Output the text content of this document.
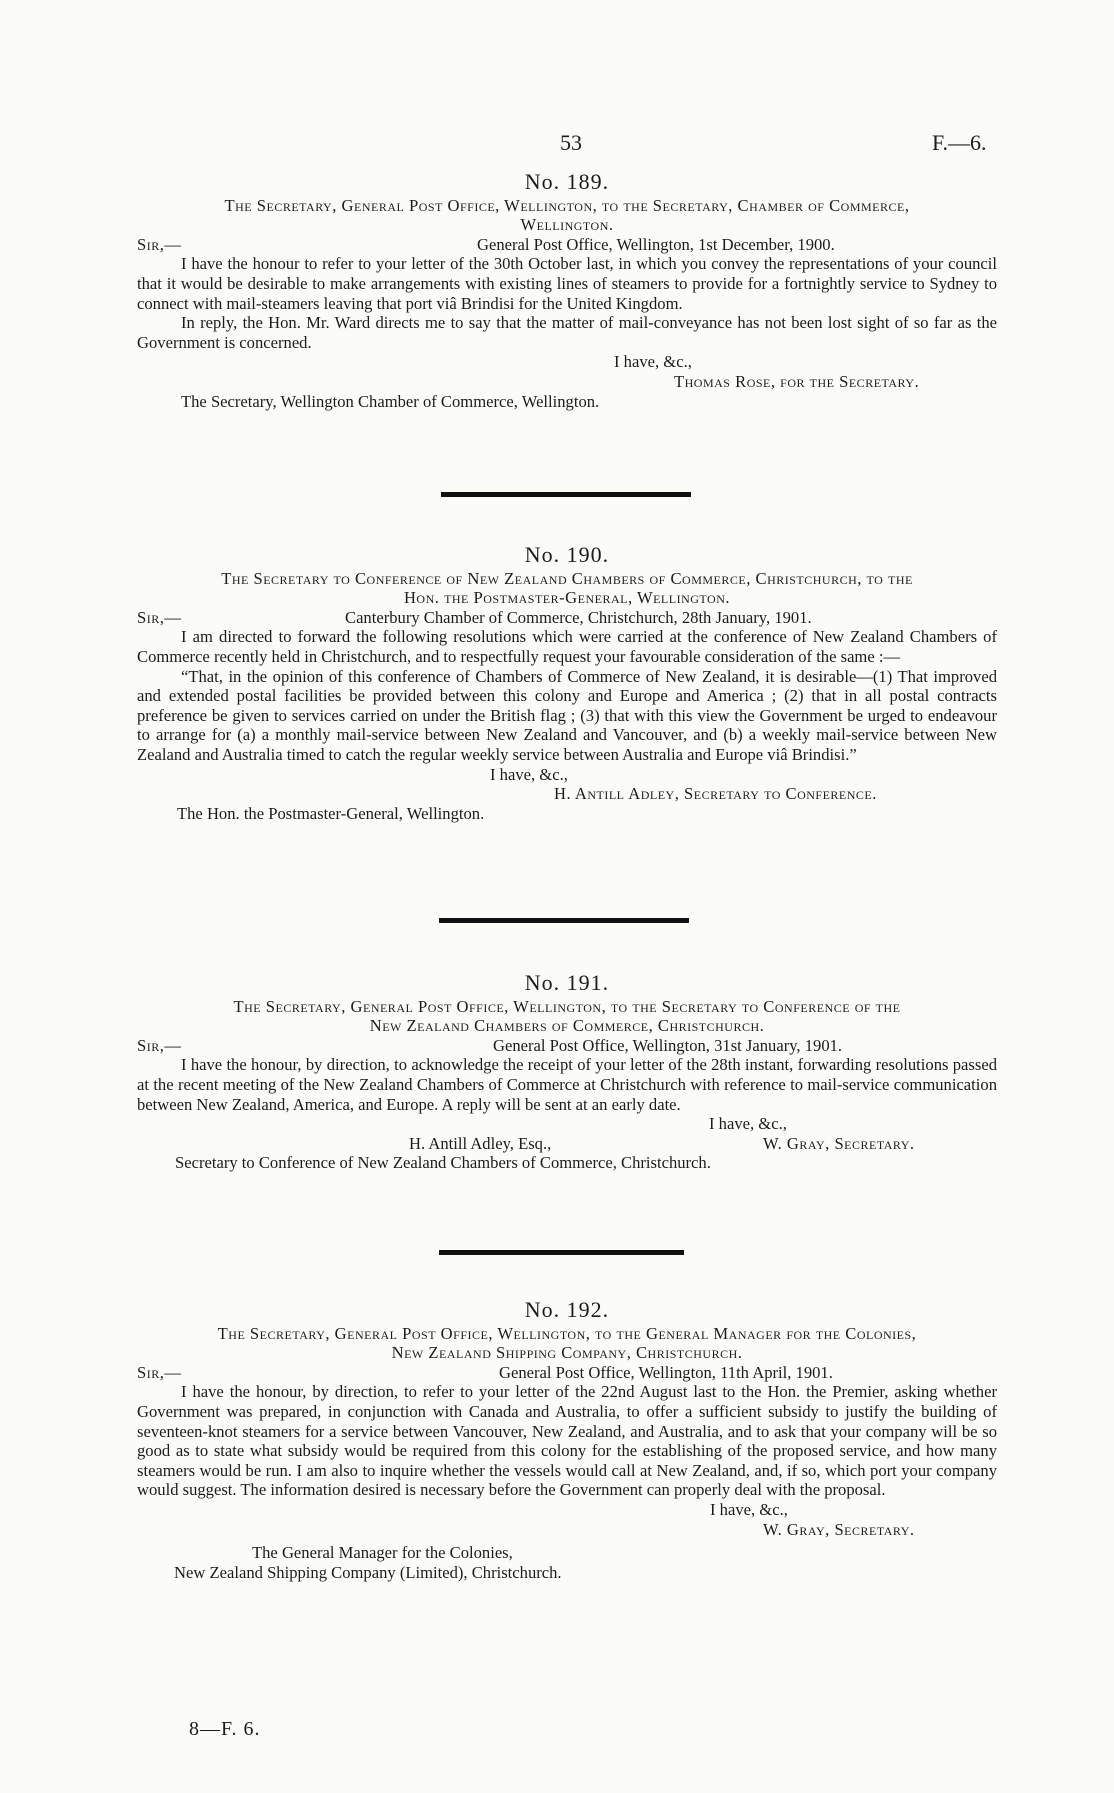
53	F.—6.
No. 189.
The Secretary, General Post Office, Wellington, to the Secretary, Chamber of Commerce,
Wellington.
Sir,—	General Post Office, Wellington, 1st December, 1900.
I have the honour to refer to your letter of the 30th October last, in which you convey the representations of your council that it would be desirable to make arrangements with existing lines of steamers to provide for a fortnightly service to Sydney to connect with mail-steamers leaving that port viâ Brindisi for the United Kingdom.
In reply, the Hon. Mr. Ward directs me to say that the matter of mail-conveyance has not been lost sight of so far as the Government is concerned.
I have, &c.,
Thomas Rose, for the Secretary.
The Secretary, Wellington Chamber of Commerce, Wellington.
No. 190.
The Secretary to Conference of New Zealand Chambers of Commerce, Christchurch, to the
Hon. the Postmaster-General, Wellington.
Sir,—	Canterbury Chamber of Commerce, Christchurch, 28th January, 1901.
I am directed to forward the following resolutions which were carried at the conference of New Zealand Chambers of Commerce recently held in Christchurch, and to respectfully request your favourable consideration of the same :—
“That, in the opinion of this conference of Chambers of Commerce of New Zealand, it is desirable—(1) That improved and extended postal facilities be provided between this colony and Europe and America ; (2) that in all postal contracts preference be given to services carried on under the British flag ; (3) that with this view the Government be urged to endeavour to arrange for (a) a monthly mail-service between New Zealand and Vancouver, and (b) a weekly mail-service between New Zealand and Australia timed to catch the regular weekly service between Australia and Europe viâ Brindisi.”
I have, &c.,
H. Antill Adley, Secretary to Conference.
The Hon. the Postmaster-General, Wellington.
No. 191.
The Secretary, General Post Office, Wellington, to the Secretary to Conference of the
New Zealand Chambers of Commerce, Christchurch.
Sir,—	General Post Office, Wellington, 31st January, 1901.
I have the honour, by direction, to acknowledge the receipt of your letter of the 28th instant, forwarding resolutions passed at the recent meeting of the New Zealand Chambers of Commerce at Christchurch with reference to mail-service communication between New Zealand, America, and Europe. A reply will be sent at an early date.
I have, &c.,
H. Antill Adley, Esq.,	W. Gray, Secretary.
Secretary to Conference of New Zealand Chambers of Commerce, Christchurch.
No. 192.
The Secretary, General Post Office, Wellington, to the General Manager for the Colonies,
New Zealand Shipping Company, Christchurch.
Sir,—	General Post Office, Wellington, 11th April, 1901.
I have the honour, by direction, to refer to your letter of the 22nd August last to the Hon. the Premier, asking whether Government was prepared, in conjunction with Canada and Australia, to offer a sufficient subsidy to justify the building of seventeen-knot steamers for a service between Vancouver, New Zealand, and Australia, and to ask that your company will be so good as to state what subsidy would be required from this colony for the establishing of the proposed service, and how many steamers would be run. I am also to inquire whether the vessels would call at New Zealand, and, if so, which port your company would suggest. The information desired is necessary before the Government can properly deal with the proposal.
I have, &c.,
W. Gray, Secretary.
The General Manager for the Colonies,
New Zealand Shipping Company (Limited), Christchurch.
8—F. 6.
